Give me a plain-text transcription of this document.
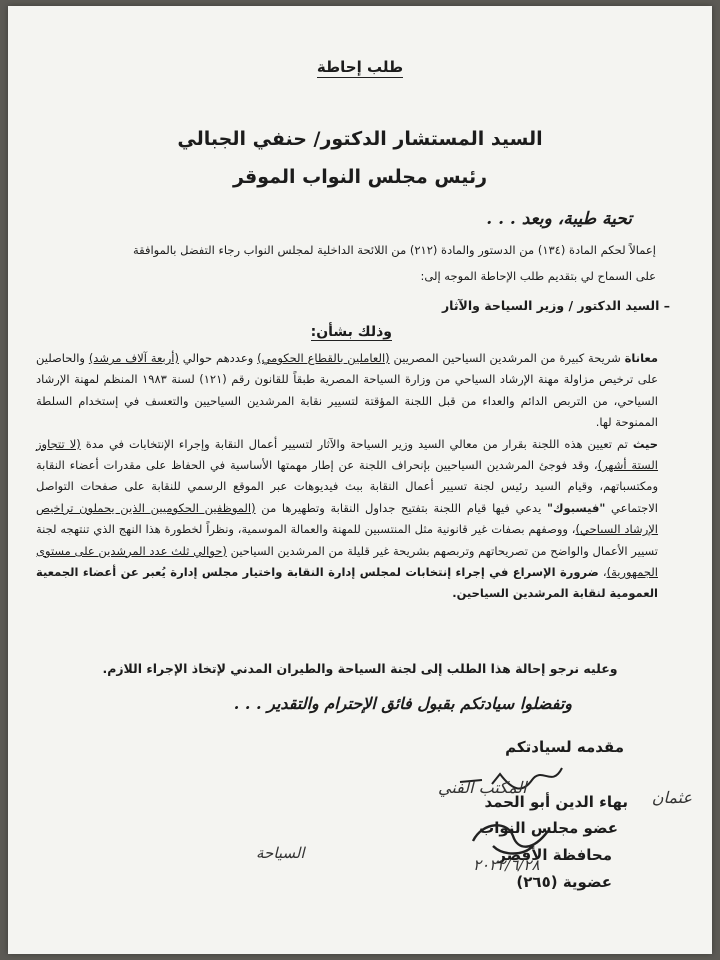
طلب إحاطة
السيد المستشار الدكتور/ حنفي الجبالي
رئيس مجلس النواب الموقر
تحية طيبة، وبعد . . .
إعمالاً لحكم المادة (١٣٤) من الدستور والمادة (٢١٢) من اللائحة الداخلية لمجلس النواب رجاء التفضل بالموافقة
على السماح لي بتقديم طلب الإحاطة الموجه إلى:
– السيد الدكتور / وزير السياحة والآثار
وذلك بشأن:

معاناة شريحة كبيرة من المرشدين السياحين المصريين (العاملين بالقطاع الحكومي) وعددهم حوالي (أربعة آلاف مرشد) والحاصلين على ترخيص مزاولة مهنة الإرشاد السياحي من وزارة السياحة المصرية طبقاً للقانون رقم (١٢١) لسنة ١٩٨٣ المنظم لمهنة الإرشاد السياحي، من التربص الدائم والعداء من قبل اللجنة المؤقتة لتسيير نقابة المرشدين السياحيين والتعسف في إستخدام السلطة الممنوحة لها.

حيث تم تعيين هذه اللجنة بقرار من معالي السيد وزير السياحة والآثار لتسيير أعمال النقابة وإجراء الإنتخابات في مدة (لا تتجاوز الستة أشهر)، وقد فوجئ المرشدين السياحيين بإنحراف اللجنة عن إطار مهمتها الأساسية في الحفاظ على مقدرات أعضاء النقابة ومكتسباتهم، وقيام السيد رئيس لجنة تسيير أعمال النقابة ببث فيديوهات عبر الموقع الرسمي للنقابة على صفحات التواصل الاجتماعي "فيسبوك" يدعي فيها قيام اللجنة بتفتيح جداول النقابة وتطهيرها من (الموظفين الحكوميين الذين يحملون تراخيص الإرشاد السياحي)، ووصفهم بصفات غير قانونية مثل المنتسبين للمهنة والعمالة الموسمية، ونظراً لخطورة هذا النهج الذي تنتهجه لجنة تسيير الأعمال والواضح من تصريحاتهم وتربصهم بشريحة غير قليلة من المرشدين السياحين (حوالي ثلث عدد المرشدين على مستوى الجمهورية)، ضرورة الإسراع في إجراء إنتخابات لمجلس إدارة النقابة واختيار مجلس إدارة يُعبر عن أعضاء الجمعية العمومية لنقابة المرشدين السياحين.

وعليه نرجو إحالة هذا الطلب إلى لجنة السياحة والطيران المدني لإتخاذ الإجراء اللازم.
وتفضلوا سيادتكم بقبول فائق الإحترام والتقدير . . .
مقدمه لسيادتكم
بهاء الدين أبو الحمد عثمان
عضو مجلس النواب
محافظة الأقصر
عضوية (٢٦٥)
المكتب الفني
السياحة
٢٠٢٢/٦/٢٨
